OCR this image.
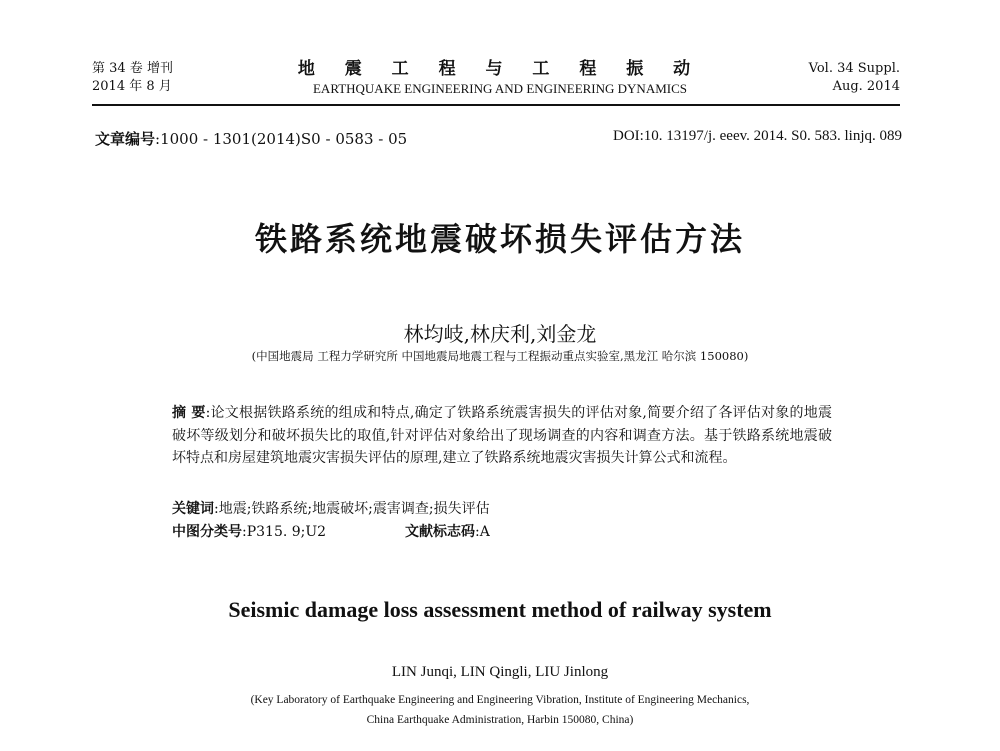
第 34 卷 增刊
2014 年 8 月
地 震 工 程 与 工 程 振 动
EARTHQUAKE ENGINEERING AND ENGINEERING DYNAMICS
Vol. 34 Suppl.
Aug. 2014
文章编号:1000 - 1301(2014)S0 - 0583 - 05	DOI:10. 13197/j. eeev. 2014. S0. 583. linjq. 089
铁路系统地震破坏损失评估方法
林均岐,林庆利,刘金龙
(中国地震局 工程力学研究所 中国地震局地震工程与工程振动重点实验室,黑龙江 哈尔滨 150080)

摘 要:论文根据铁路系统的组成和特点,确定了铁路系统震害损失的评估对象,简要介绍了各评估对象的地震破坏等级划分和破坏损失比的取值,针对评估对象给出了现场调查的内容和调查方法。基于铁路系统地震破坏特点和房屋建筑地震灾害损失评估的原理,建立了铁路系统地震灾害损失计算公式和流程。

关键词:地震;铁路系统;地震破坏;震害调查;损失评估
中图分类号:P315. 9;U2	文献标志码:A
Seismic damage loss assessment method of railway system
LIN Junqi, LIN Qingli, LIU Jinlong
(Key Laboratory of Earthquake Engineering and Engineering Vibration, Institute of Engineering Mechanics,
China Earthquake Administration, Harbin 150080, China)
